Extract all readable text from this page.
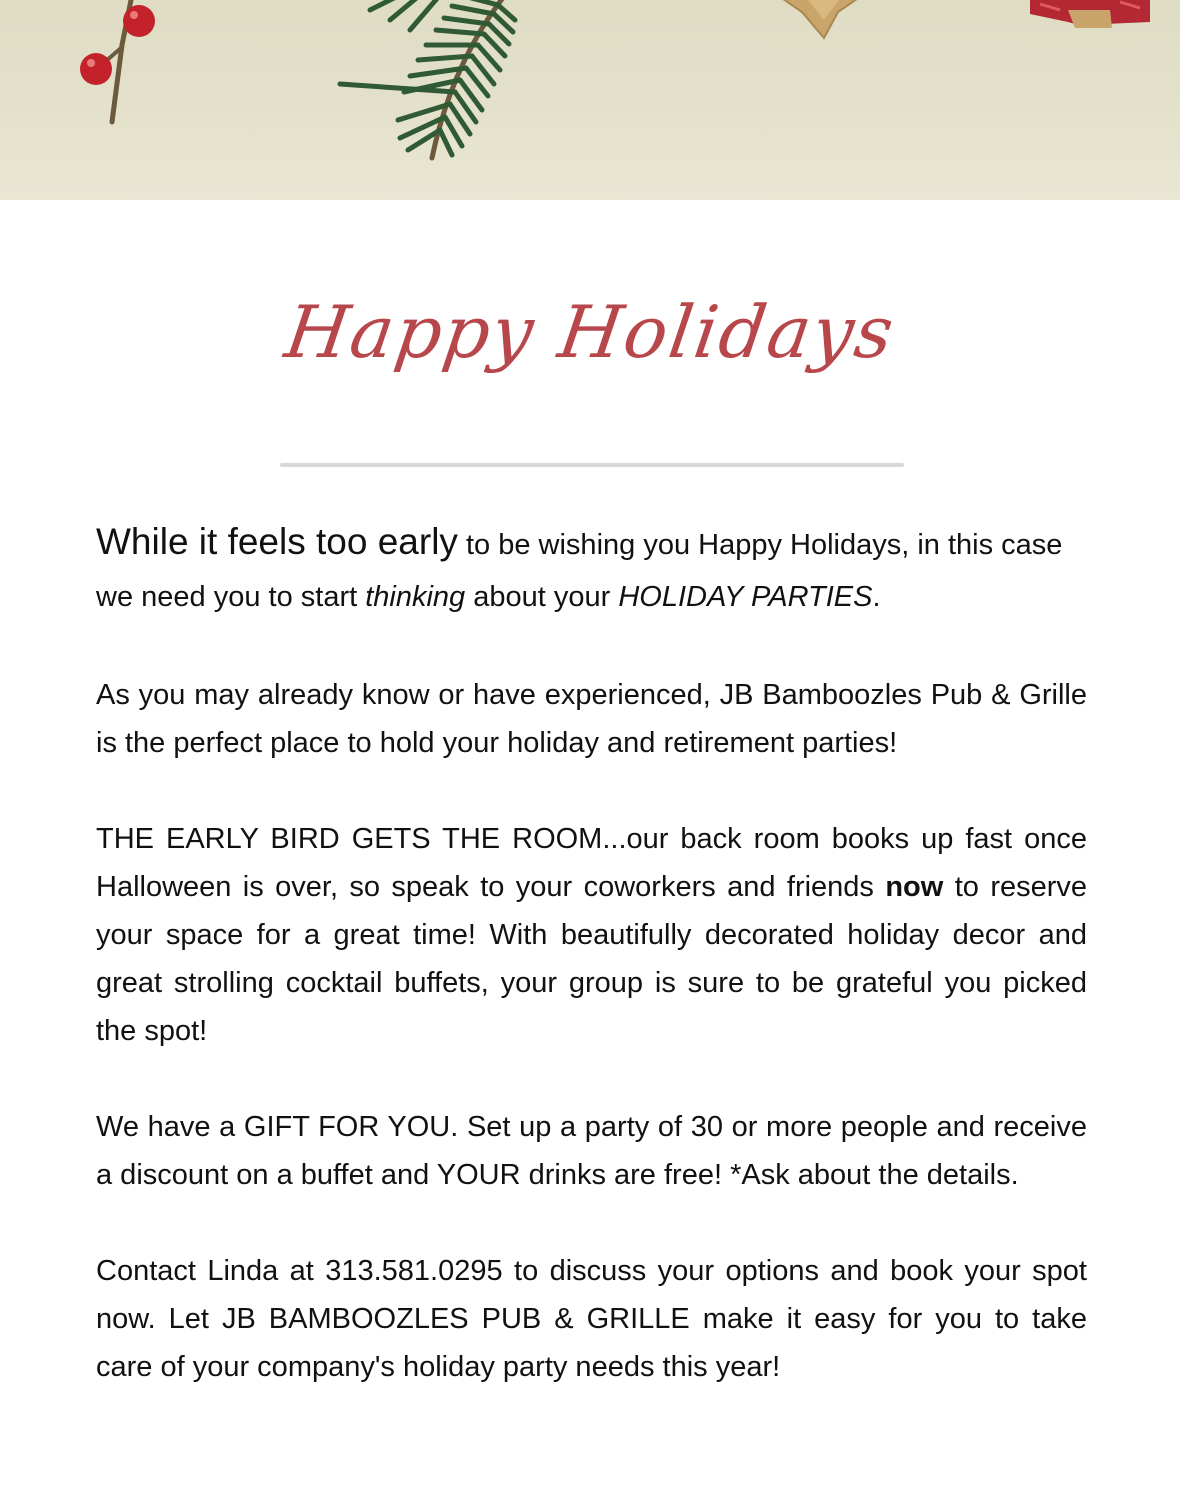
Happy Holidays

While it feels too early to be wishing you Happy Holidays, in this case we need you to start thinking about your HOLIDAY PARTIES.

As you may already know or have experienced, JB Bamboozles Pub & Grille is the perfect place to hold your holiday and retirement parties!

THE EARLY BIRD GETS THE ROOM...our back room books up fast once Halloween is over, so speak to your coworkers and friends now to reserve your space for a great time! With beautifully decorated holiday decor and great strolling cocktail buffets, your group is sure to be grateful you picked the spot!

We have a GIFT FOR YOU. Set up a party of 30 or more people and receive a discount on a buffet and YOUR drinks are free! *Ask about the details.

Contact Linda at 313.581.0295 to discuss your options and book your spot now. Let JB BAMBOOZLES PUB & GRILLE make it easy for you to take care of your company's holiday party needs this year!
